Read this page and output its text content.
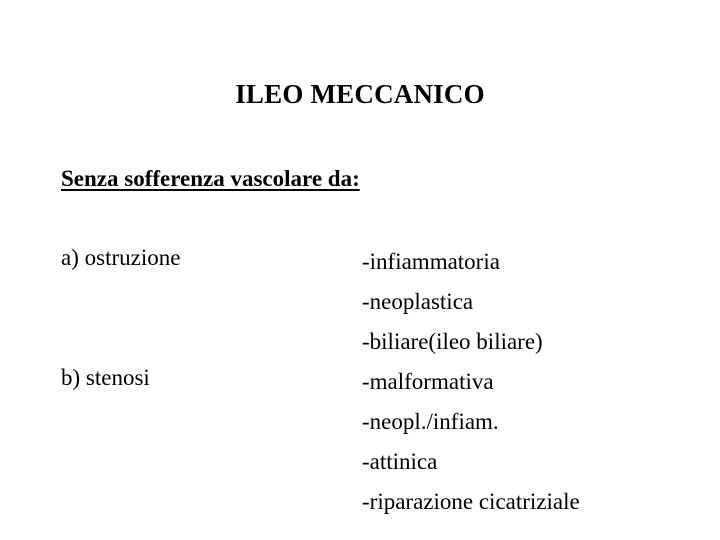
ILEO MECCANICO
Senza sofferenza vascolare da:
a) ostruzione
b) stenosi
-infiammatoria
-neoplastica
-biliare(ileo biliare)
-malformativa
-neopl./infiam.
-attinica
-riparazione cicatriziale
